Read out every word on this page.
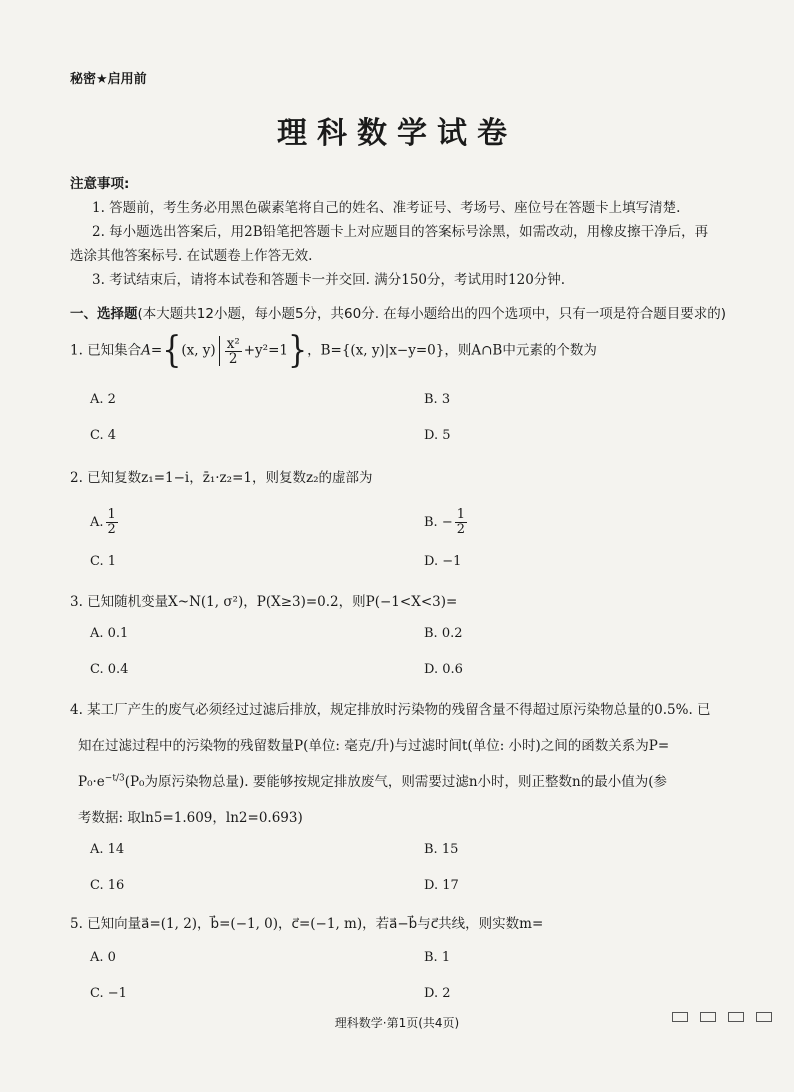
秘密★启用前
理科数学试卷
注意事项:
1. 答题前，考生务必用黑色碳素笔将自己的姓名、准考证号、考场号、座位号在答题卡上填写清楚.
2. 每小题选出答案后，用2B铅笔把答题卡上对应题目的答案标号涂黑，如需改动，用橡皮擦干净后，再
选涂其他答案标号. 在试题卷上作答无效.
3. 考试结束后，请将本试卷和答题卡一并交回. 满分150分，考试用时120分钟.
一、选择题(本大题共12小题，每小题5分，共60分. 在每小题给出的四个选项中，只有一项是符合题目要求的)
1. 已知集合A={(x, $y) \frac{\text{x²}}{2} +y^2=1$}，B={(x, y)|x−y=0}，则A∩B中元素的个数为
A. 2	B. 3
C. 4	D. 5
2. 已知复数z₁=1−i，z̄₁·z₂=1，则复数z₂的虚部为
A. $\frac{1}{2}$	B. − $\frac{1}{2}$
C. 1	D. −1
3. 已知随机变量X~N(1, σ²)，P(X≥3)=0.2，则P(−1<X<3)=
A. 0.1	B. 0.2
C. 0.4	D. 0.6
4. 某工厂产生的废气必须经过过滤后排放，规定排放时污染物的残留含量不得超过原污染物总量的0.5%. 已
知在过滤过程中的污染物的残留数量P(单位: 毫克/升)与过滤时间t(单位: 小时)之间的函数关系为P=
$P_0\cdot e^{-t/3}(P_0$为原污染物总量). 要能够按规定排放废气，则需要过滤n小时，则正整数n的最小值为(参
考数据: 取ln5=1.609，ln2=0.693)
A. 14	B. 15
C. 16	D. 17
5. 已知向量a⃗=(1, 2)，b⃗=(−1, 0)，c⃗=(−1, m)，若a⃗−b⃗与c⃗共线，则实数m=
A. 0	B. 1
C. −1	D. 2
理科数学·第1页(共4页)
